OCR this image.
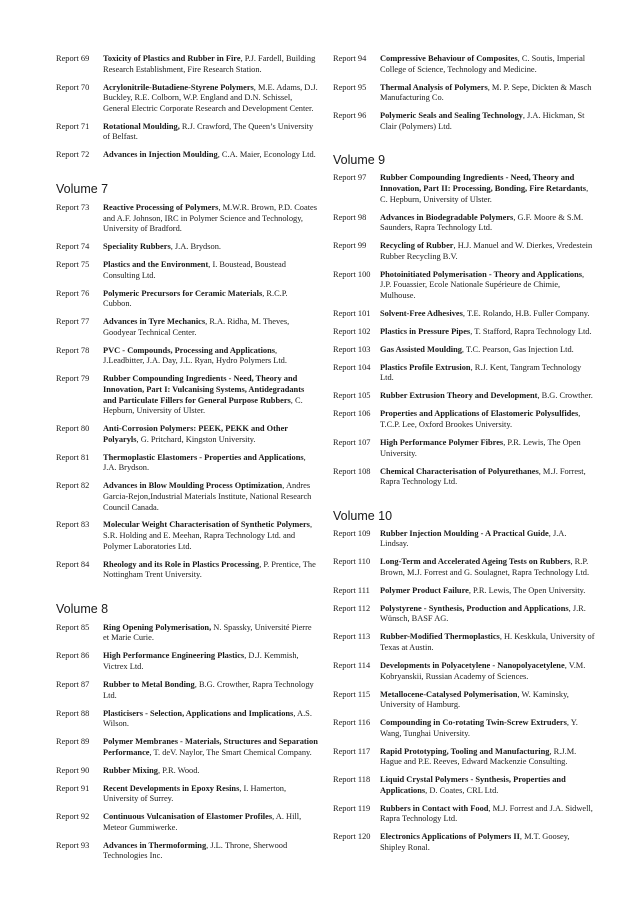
Report 69	Toxicity of Plastics and Rubber in Fire, P.J. Fardell, Building Research Establishment, Fire Research Station.
Report 70	Acrylonitrile-Butadiene-Styrene Polymers, M.E. Adams, D.J. Buckley, R.E. Colborn, W.P. England and D.N. Schissel, General Electric Corporate Research and Development Center.
Report 71	Rotational Moulding, R.J. Crawford, The Queen’s University of Belfast.
Report 72	Advances in Injection Moulding, C.A. Maier, Econology Ltd.
Volume 7
Report 73	Reactive Processing of Polymers, M.W.R. Brown, P.D. Coates and A.F. Johnson, IRC in Polymer Science and Technology, University of Bradford.
Report 74	Speciality Rubbers, J.A. Brydson.
Report 75	Plastics and the Environment, I. Boustead, Boustead Consulting Ltd.
Report 76	Polymeric Precursors for Ceramic Materials, R.C.P. Cubbon.
Report 77	Advances in Tyre Mechanics, R.A. Ridha, M. Theves, Goodyear Technical Center.
Report 78	PVC - Compounds, Processing and Applications, J.Leadbitter, J.A. Day, J.L. Ryan, Hydro Polymers Ltd.
Report 79	Rubber Compounding Ingredients - Need, Theory and Innovation, Part I: Vulcanising Systems, Antidegradants and Particulate Fillers for General Purpose Rubbers, C. Hepburn, University of Ulster.
Report 80	Anti-Corrosion Polymers: PEEK, PEKK and Other Polyaryls, G. Pritchard, Kingston University.
Report 81	Thermoplastic Elastomers - Properties and Applications, J.A. Brydson.
Report 82	Advances in Blow Moulding Process Optimization, Andres Garcia-Rejon,Industrial Materials Institute, National Research Council Canada.
Report 83	Molecular Weight Characterisation of Synthetic Polymers, S.R. Holding and E. Meehan, Rapra Technology Ltd. and Polymer Laboratories Ltd.
Report 84	Rheology and its Role in Plastics Processing, P. Prentice, The Nottingham Trent University.
Volume 8
Report 85	Ring Opening Polymerisation, N. Spassky, Université Pierre et Marie Curie.
Report 86	High Performance Engineering Plastics, D.J. Kemmish, Victrex Ltd.
Report 87	Rubber to Metal Bonding, B.G. Crowther, Rapra Technology Ltd.
Report 88	Plasticisers - Selection, Applications and Implications, A.S. Wilson.
Report 89	Polymer Membranes - Materials, Structures and Separation Performance, T. deV. Naylor, The Smart Chemical Company.
Report 90	Rubber Mixing, P.R. Wood.
Report 91	Recent Developments in Epoxy Resins, I. Hamerton, University of Surrey.
Report 92	Continuous Vulcanisation of Elastomer Profiles, A. Hill, Meteor Gummiwerke.
Report 93	Advances in Thermoforming, J.L. Throne, Sherwood Technologies Inc.
Report 94	Compressive Behaviour of Composites, C. Soutis, Imperial College of Science, Technology and Medicine.
Report 95	Thermal Analysis of Polymers, M. P. Sepe, Dickten & Masch Manufacturing Co.
Report 96	Polymeric Seals and Sealing Technology, J.A. Hickman, St Clair (Polymers) Ltd.
Volume 9
Report 97	Rubber Compounding Ingredients - Need, Theory and Innovation, Part II: Processing, Bonding, Fire Retardants, C. Hepburn, University of Ulster.
Report 98	Advances in Biodegradable Polymers, G.F. Moore & S.M. Saunders, Rapra Technology Ltd.
Report 99	Recycling of Rubber, H.J. Manuel and W. Dierkes, Vredestein Rubber Recycling B.V.
Report 100	Photoinitiated Polymerisation - Theory and Applications, J.P. Fouassier, Ecole Nationale Supérieure de Chimie, Mulhouse.
Report 101	Solvent-Free Adhesives, T.E. Rolando, H.B. Fuller Company.
Report 102	Plastics in Pressure Pipes, T. Stafford, Rapra Technology Ltd.
Report 103	Gas Assisted Moulding, T.C. Pearson, Gas Injection Ltd.
Report 104	Plastics Profile Extrusion, R.J. Kent, Tangram Technology Ltd.
Report 105	Rubber Extrusion Theory and Development, B.G. Crowther.
Report 106	Properties and Applications of Elastomeric Polysulfides, T.C.P. Lee, Oxford Brookes University.
Report 107	High Performance Polymer Fibres, P.R. Lewis, The Open University.
Report 108	Chemical Characterisation of Polyurethanes, M.J. Forrest, Rapra Technology Ltd.
Volume 10
Report 109	Rubber Injection Moulding - A Practical Guide, J.A. Lindsay.
Report 110	Long-Term and Accelerated Ageing Tests on Rubbers, R.P. Brown, M.J. Forrest and G. Soulagnet, Rapra Technology Ltd.
Report 111	Polymer Product Failure, P.R. Lewis, The Open University.
Report 112	Polystyrene - Synthesis, Production and Applications, J.R. Wünsch, BASF AG.
Report 113	Rubber-Modified Thermoplastics, H. Keskkula, University of Texas at Austin.
Report 114	Developments in Polyacetylene - Nanopolyacetylene, V.M. Kobryanskii, Russian Academy of Sciences.
Report 115	Metallocene-Catalysed Polymerisation, W. Kaminsky, University of Hamburg.
Report 116	Compounding in Co-rotating Twin-Screw Extruders, Y. Wang, Tunghai University.
Report 117	Rapid Prototyping, Tooling and Manufacturing, R.J.M. Hague and P.E. Reeves, Edward Mackenzie Consulting.
Report 118	Liquid Crystal Polymers - Synthesis, Properties and Applications, D. Coates, CRL Ltd.
Report 119	Rubbers in Contact with Food, M.J. Forrest and J.A. Sidwell, Rapra Technology Ltd.
Report 120	Electronics Applications of Polymers II, M.T. Goosey, Shipley Ronal.
